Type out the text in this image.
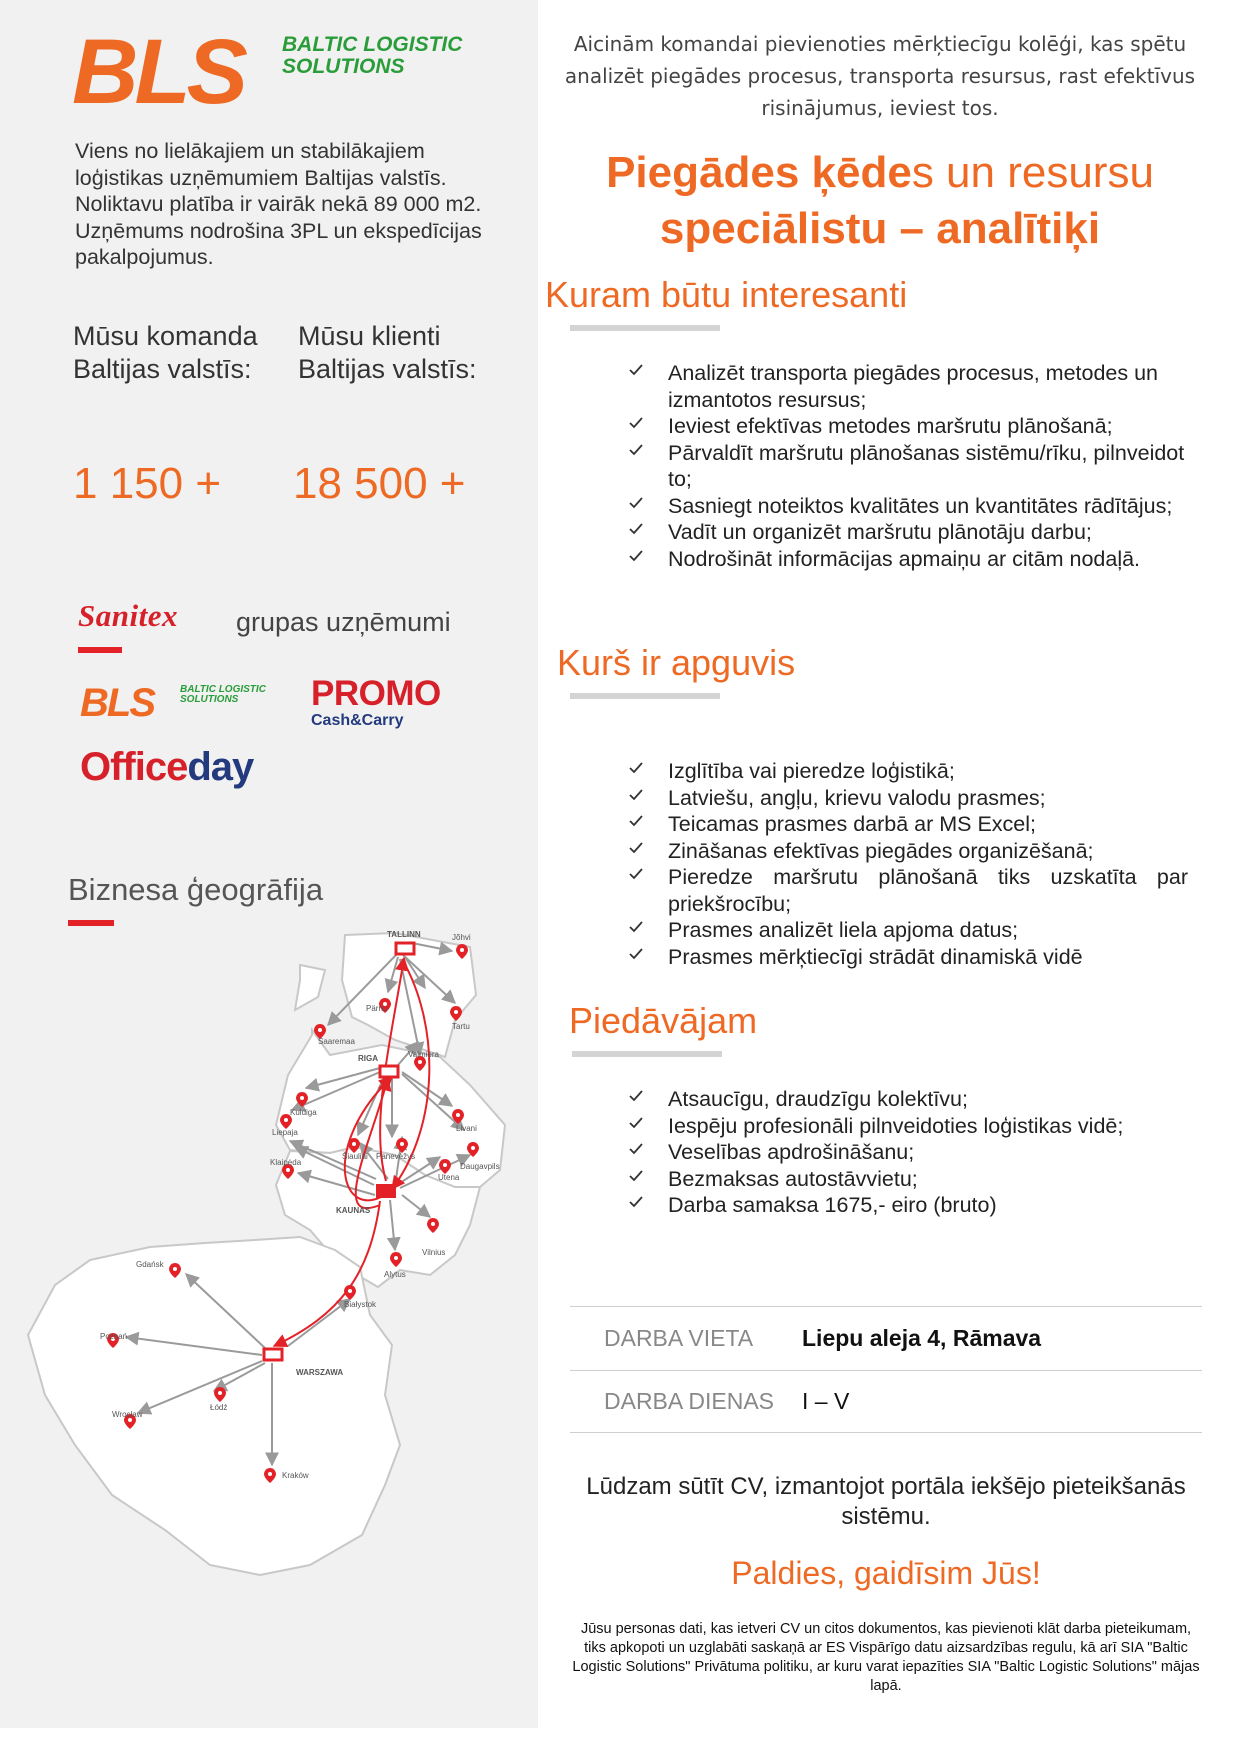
BLS BALTIC LOGISTIC
SOLUTIONS
Viens no lielākajiem un stabilākajiem loģistikas uzņēmumiem Baltijas valstīs. Noliktavu platība ir vairāk nekā 89 000 m2. Uzņēmums nodrošina 3PL un ekspedīcijas pakalpojumus.
Mūsu komanda
Baltijas valstīs:
Mūsu klienti
Baltijas valstīs:
1 150 + 18 500 +
Sanitex grupas uzņēmumi
BLS	BALTIC LOGISTIC
SOLUTIONS	PROMO
Cash&Carry
Officeday
Biznesa ģeogrāfija
TALLINN	Jõhvi
Pärnu
Tartu
Saaremaa
Valmiera
RIGA
Kuldiga
Liepaja	Livani
Šiauliai Panevėžys
Daugavpils
Klaipėda
Utena
KAUNAS
Vilnius
Alytus
Gdańsk
Białystok
Poznań
WARSZAWA
Łódź
Wrocław
Kraków
Aicinām komandai pievienoties mērķtiecīgu kolēģi, kas spētu analizēt piegādes procesus, transporta resursus, rast efektīvus risinājumus, ieviest tos.
Piegādes ķēdes un resursu
speciālistu – analītiķi
Kuram būtu interesanti
Analizēt transporta piegādes procesus, metodes un izmantotos resursus;
Ieviest efektīvas metodes maršrutu plānošanā;
Pārvaldīt maršrutu plānošanas sistēmu/rīku, pilnveidot to;
Sasniegt noteiktos kvalitātes un kvantitātes rādītājus;
Vadīt un organizēt maršrutu plānotāju darbu;
Nodrošināt informācijas apmaiņu ar citām nodaļā.
Kurš ir apguvis
Izglītība vai pieredze loģistikā;
Latviešu, angļu, krievu valodu prasmes;
Teicamas prasmes darbā ar MS Excel;
Zināšanas efektīvas piegādes organizēšanā;
Pieredze maršrutu plānošanā tiks uzskatīta par priekšrocību;
Prasmes analizēt liela apjoma datus;
Prasmes mērķtiecīgi strādāt dinamiskā vidē
Piedāvājam
Atsaucīgu, draudzīgu kolektīvu;
Iespēju profesionāli pilnveidoties loģistikas vidē;
Veselības apdrošināšanu;
Bezmaksas autostāvvietu;
Darba samaksa 1675,- eiro (bruto)
DARBA VIETA	Liepu aleja 4, Rāmava
DARBA DIENAS	I – V
Lūdzam sūtīt CV, izmantojot portāla iekšējo pieteikšanās sistēmu.
Paldies, gaidīsim Jūs!
Jūsu personas dati, kas ietveri CV un citos dokumentos, kas pievienoti klāt darba pieteikumam, tiks apkopoti un uzglabāti saskaņā ar ES Vispārīgo datu aizsardzības regulu, kā arī SIA "Baltic Logistic Solutions" Privātuma politiku, ar kuru varat iepazīties SIA "Baltic Logistic Solutions" mājas lapā.
